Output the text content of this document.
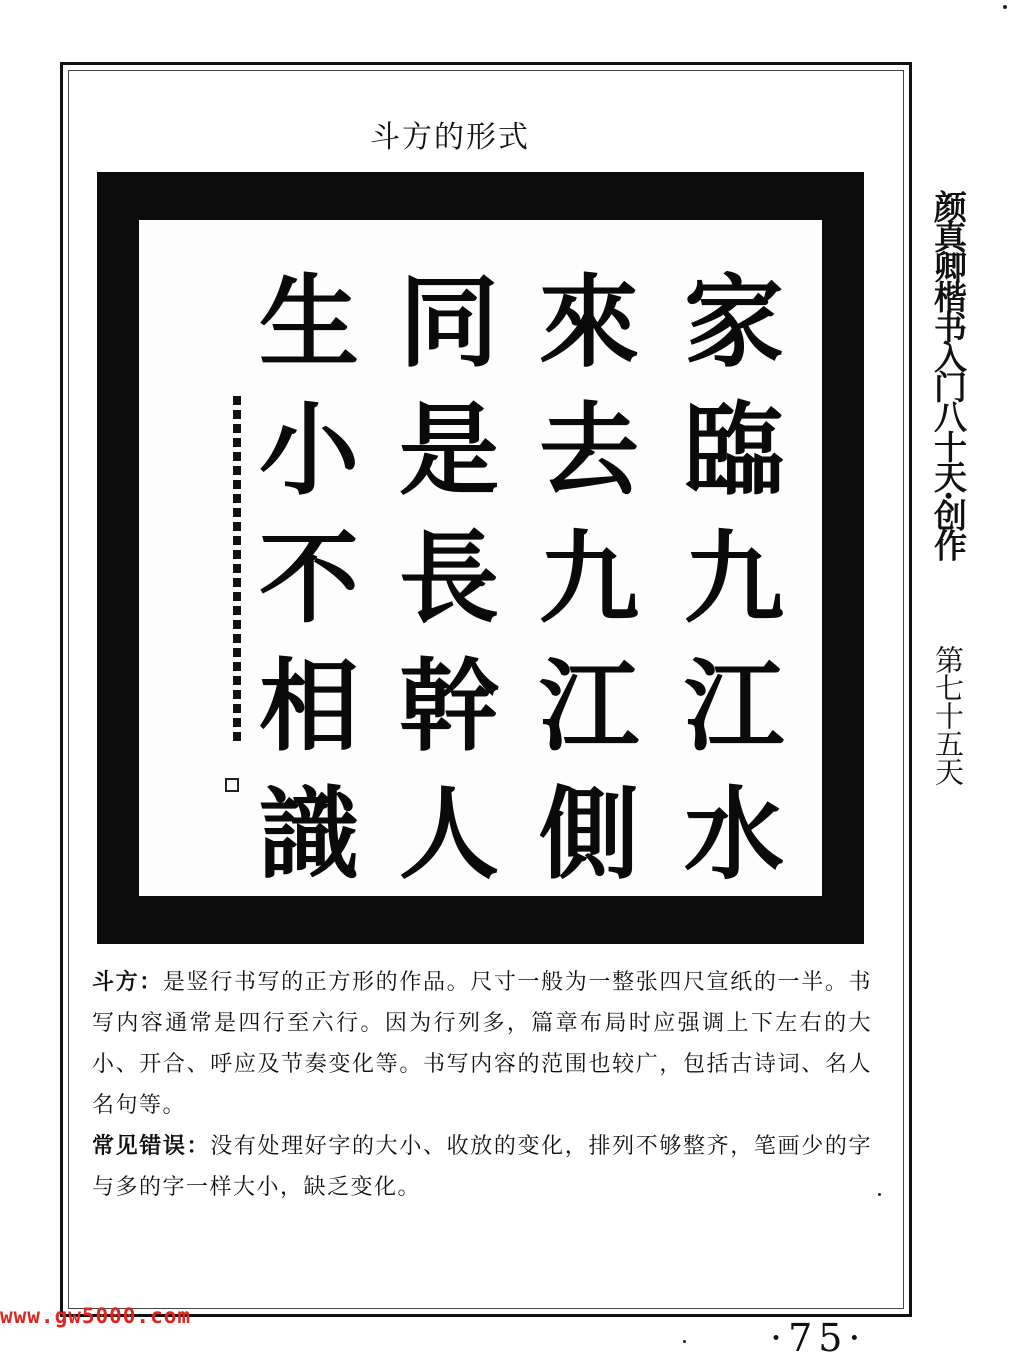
斗方的形式
家
臨
九
江
水
來
去
九
江
側
同
是
長
幹
人
生
小
不
相
識
颜真卿楷书入门八十天·创作
第七十五天

斗方：是竖行书写的正方形的作品。尺寸一般为一整张四尺宣纸的一半。书写内容通常是四行至六行。因为行列多，篇章布局时应强调上下左右的大小、开合、呼应及节奏变化等。书写内容的范围也较广，包括古诗词、名人名句等。

常见错误：没有处理好字的大小、收放的变化，排列不够整齐，笔画少的字与多的字一样大小，缺乏变化。

www.gw5000.com	·75·
